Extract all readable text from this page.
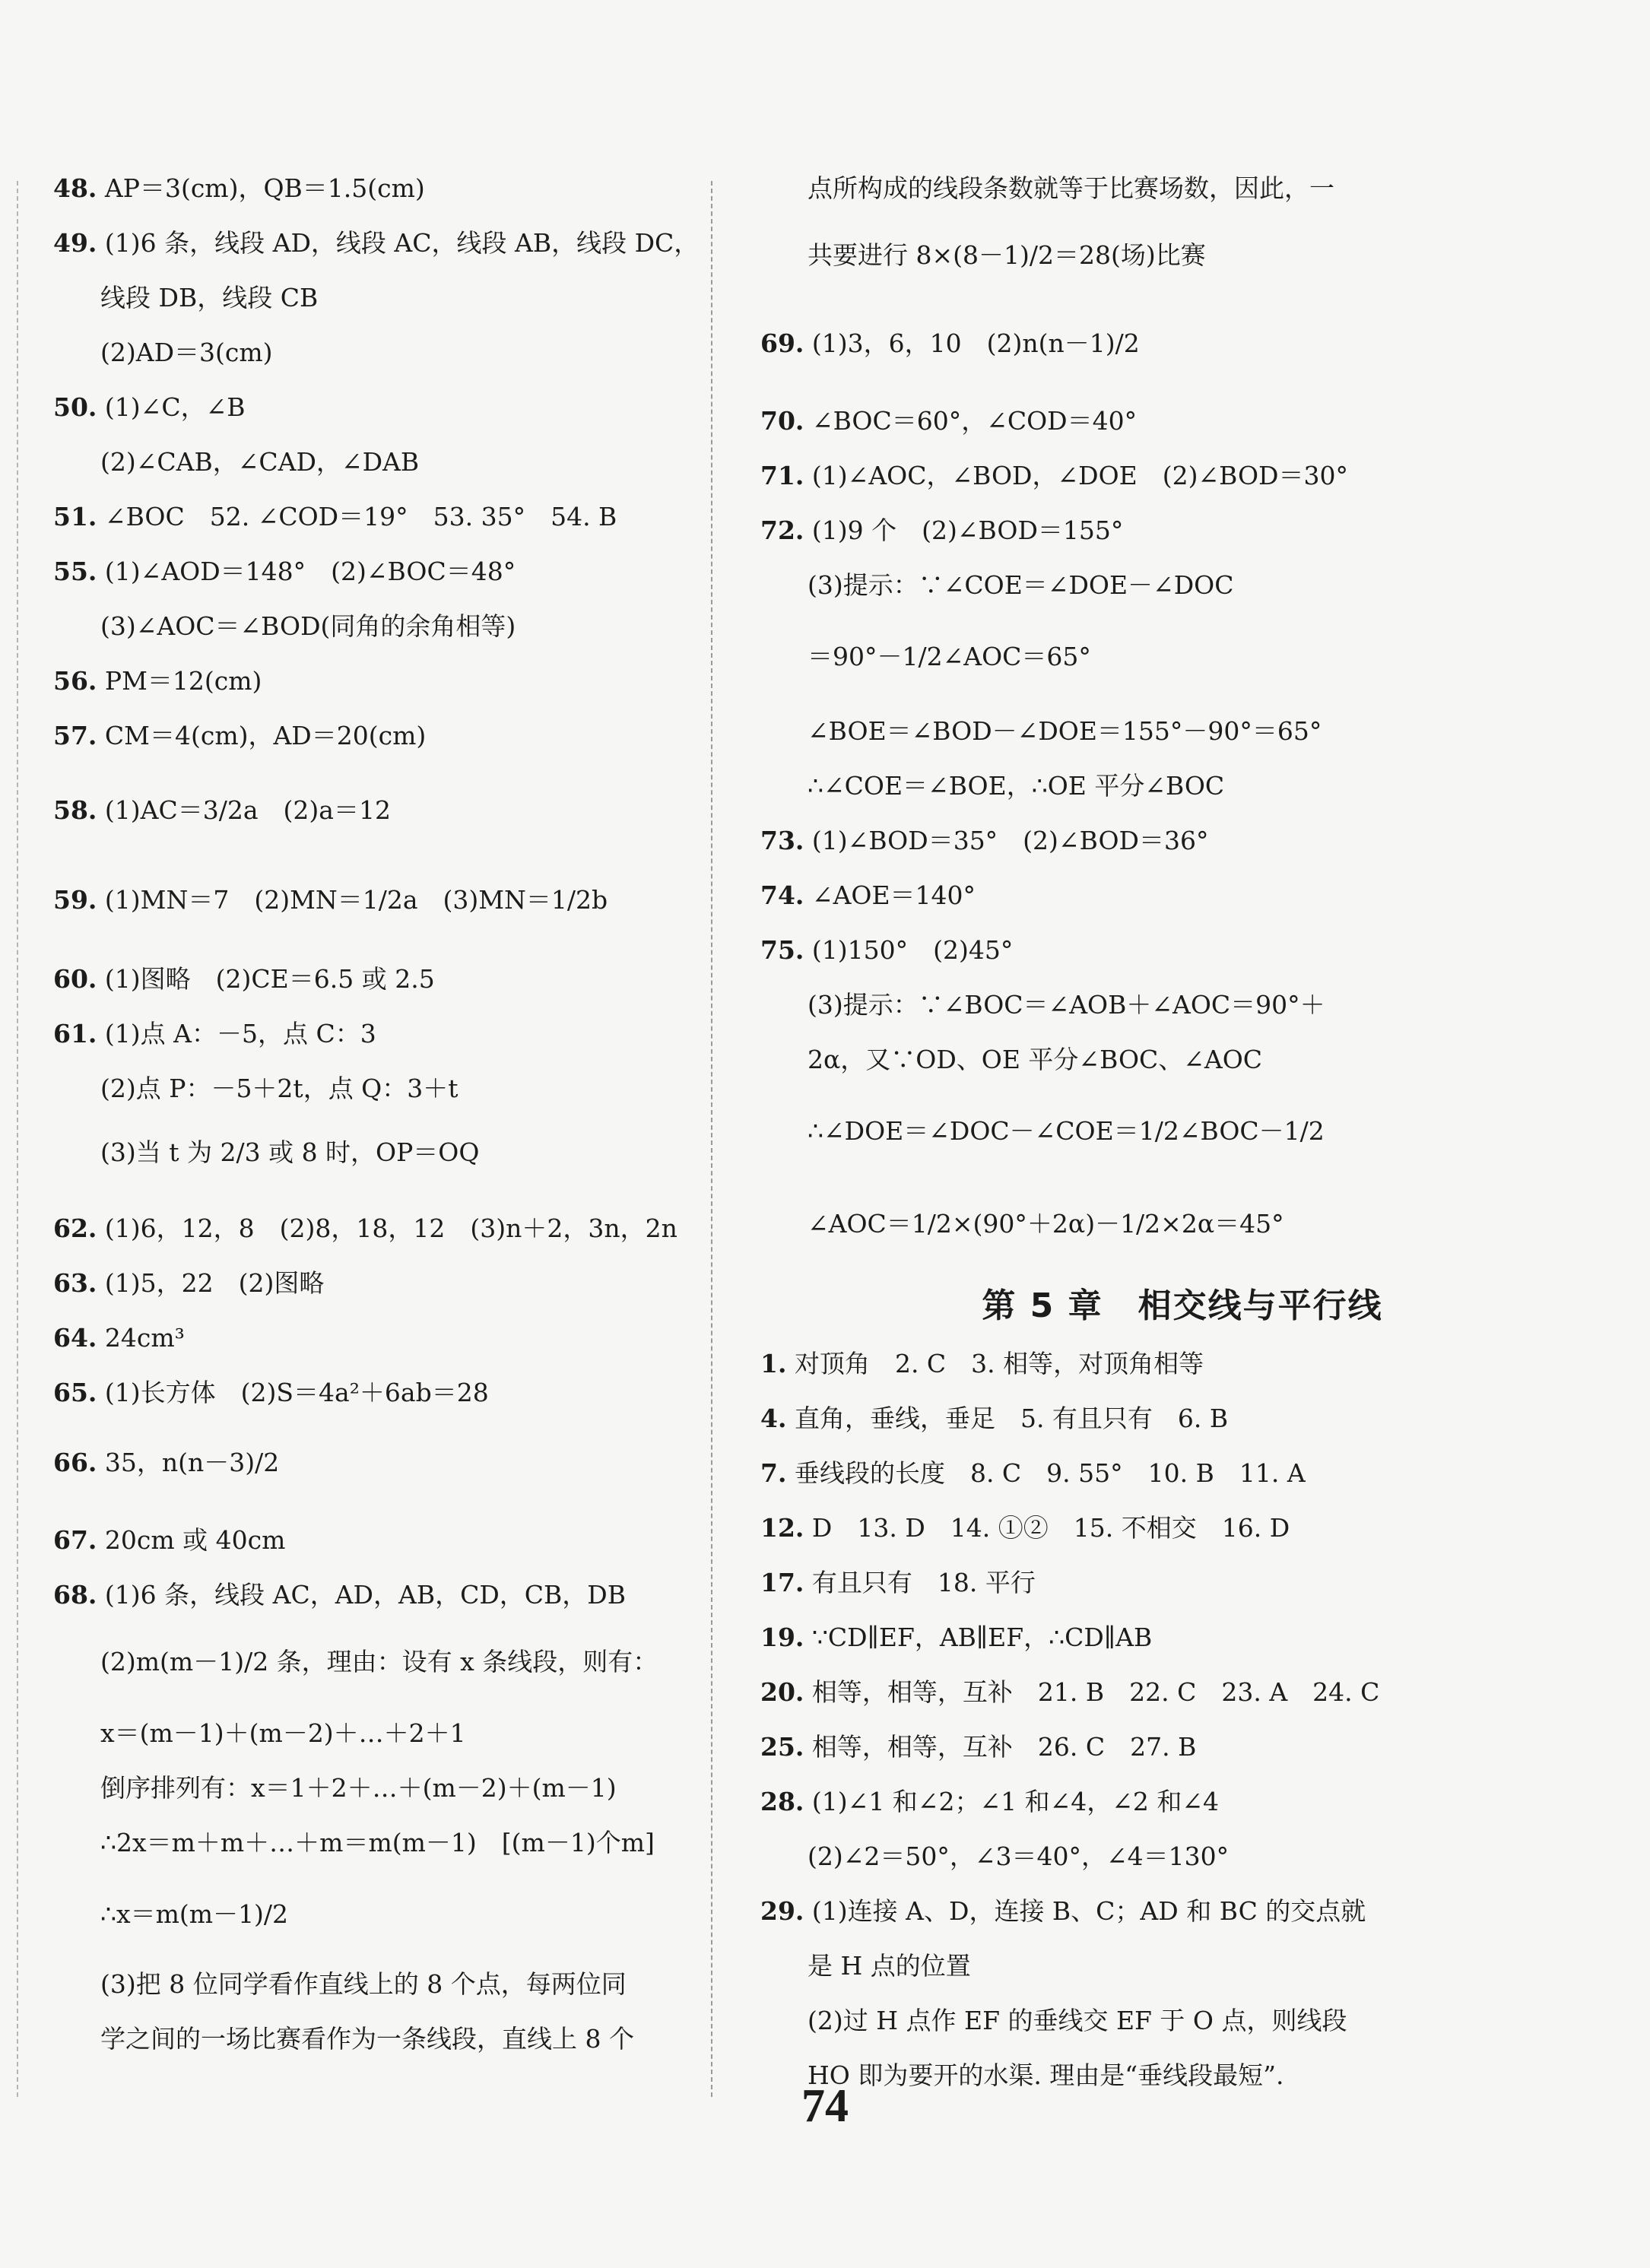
48. AP＝3(cm)，QB＝1.5(cm)
49. (1)6 条，线段 AD，线段 AC，线段 AB，线段 DC，
线段 DB，线段 CB
(2)AD＝3(cm)
50. (1)∠C，∠B
(2)∠CAB，∠CAD，∠DAB
51. ∠BOC　52. ∠COD＝19°　53. 35°　54. B
55. (1)∠AOD＝148°　(2)∠BOC＝48°
(3)∠AOC＝∠BOD(同角的余角相等)
56. PM＝12(cm)
57. CM＝4(cm)，AD＝20(cm)
58. (1)AC＝3/2a　(2)a＝12
59. (1)MN＝7　(2)MN＝1/2a　(3)MN＝1/2b
60. (1)图略　(2)CE＝6.5 或 2.5
61. (1)点 A：－5，点 C：3
(2)点 P：－5＋2t，点 Q：3＋t
(3)当 t 为 2/3 或 8 时，OP＝OQ
62. (1)6，12，8　(2)8，18，12　(3)n＋2，3n，2n
63. (1)5，22　(2)图略
64. 24cm³
65. (1)长方体　(2)S＝4a²＋6ab＝28
66. 35，n(n－3)/2
67. 20cm 或 40cm
68. (1)6 条，线段 AC，AD，AB，CD，CB，DB
(2)m(m－1)/2 条，理由：设有 x 条线段，则有：
x＝(m－1)＋(m－2)＋…＋2＋1
倒序排列有：x＝1＋2＋…＋(m－2)＋(m－1)
∴2x＝m＋m＋…＋m＝m(m－1)　[(m－1)个m]
∴x＝m(m－1)/2
(3)把 8 位同学看作直线上的 8 个点，每两位同
学之间的一场比赛看作为一条线段，直线上 8 个
点所构成的线段条数就等于比赛场数，因此，一
共要进行 8×(8－1)/2＝28(场)比赛
69. (1)3，6，10　(2)n(n－1)/2
70. ∠BOC＝60°，∠COD＝40°
71. (1)∠AOC，∠BOD，∠DOE　(2)∠BOD＝30°
72. (1)9 个　(2)∠BOD＝155°
(3)提示：∵∠COE＝∠DOE－∠DOC
＝90°－1/2∠AOC＝65°
∠BOE＝∠BOD－∠DOE＝155°－90°＝65°
∴∠COE＝∠BOE，∴OE 平分∠BOC
73. (1)∠BOD＝35°　(2)∠BOD＝36°
74. ∠AOE＝140°
75. (1)150°　(2)45°
(3)提示：∵∠BOC＝∠AOB＋∠AOC＝90°＋
2α，又∵OD、OE 平分∠BOC、∠AOC
∴∠DOE＝∠DOC－∠COE＝1/2∠BOC－1/2
∠AOC＝1/2×(90°＋2α)－1/2×2α＝45°
第 5 章　相交线与平行线
1. 对顶角　2. C　3. 相等，对顶角相等
4. 直角，垂线，垂足　5. 有且只有　6. B
7. 垂线段的长度　8. C　9. 55°　10. B　11. A
12. D　13. D　14. ①②　15. 不相交　16. D
17. 有且只有　18. 平行
19. ∵CD∥EF，AB∥EF，∴CD∥AB
20. 相等，相等，互补　21. B　22. C　23. A　24. C
25. 相等，相等，互补　26. C　27. B
28. (1)∠1 和∠2；∠1 和∠4，∠2 和∠4
(2)∠2＝50°，∠3＝40°，∠4＝130°
29. (1)连接 A、D，连接 B、C；AD 和 BC 的交点就
是 H 点的位置
(2)过 H 点作 EF 的垂线交 EF 于 O 点，则线段
HO 即为要开的水渠. 理由是“垂线段最短”.
74
